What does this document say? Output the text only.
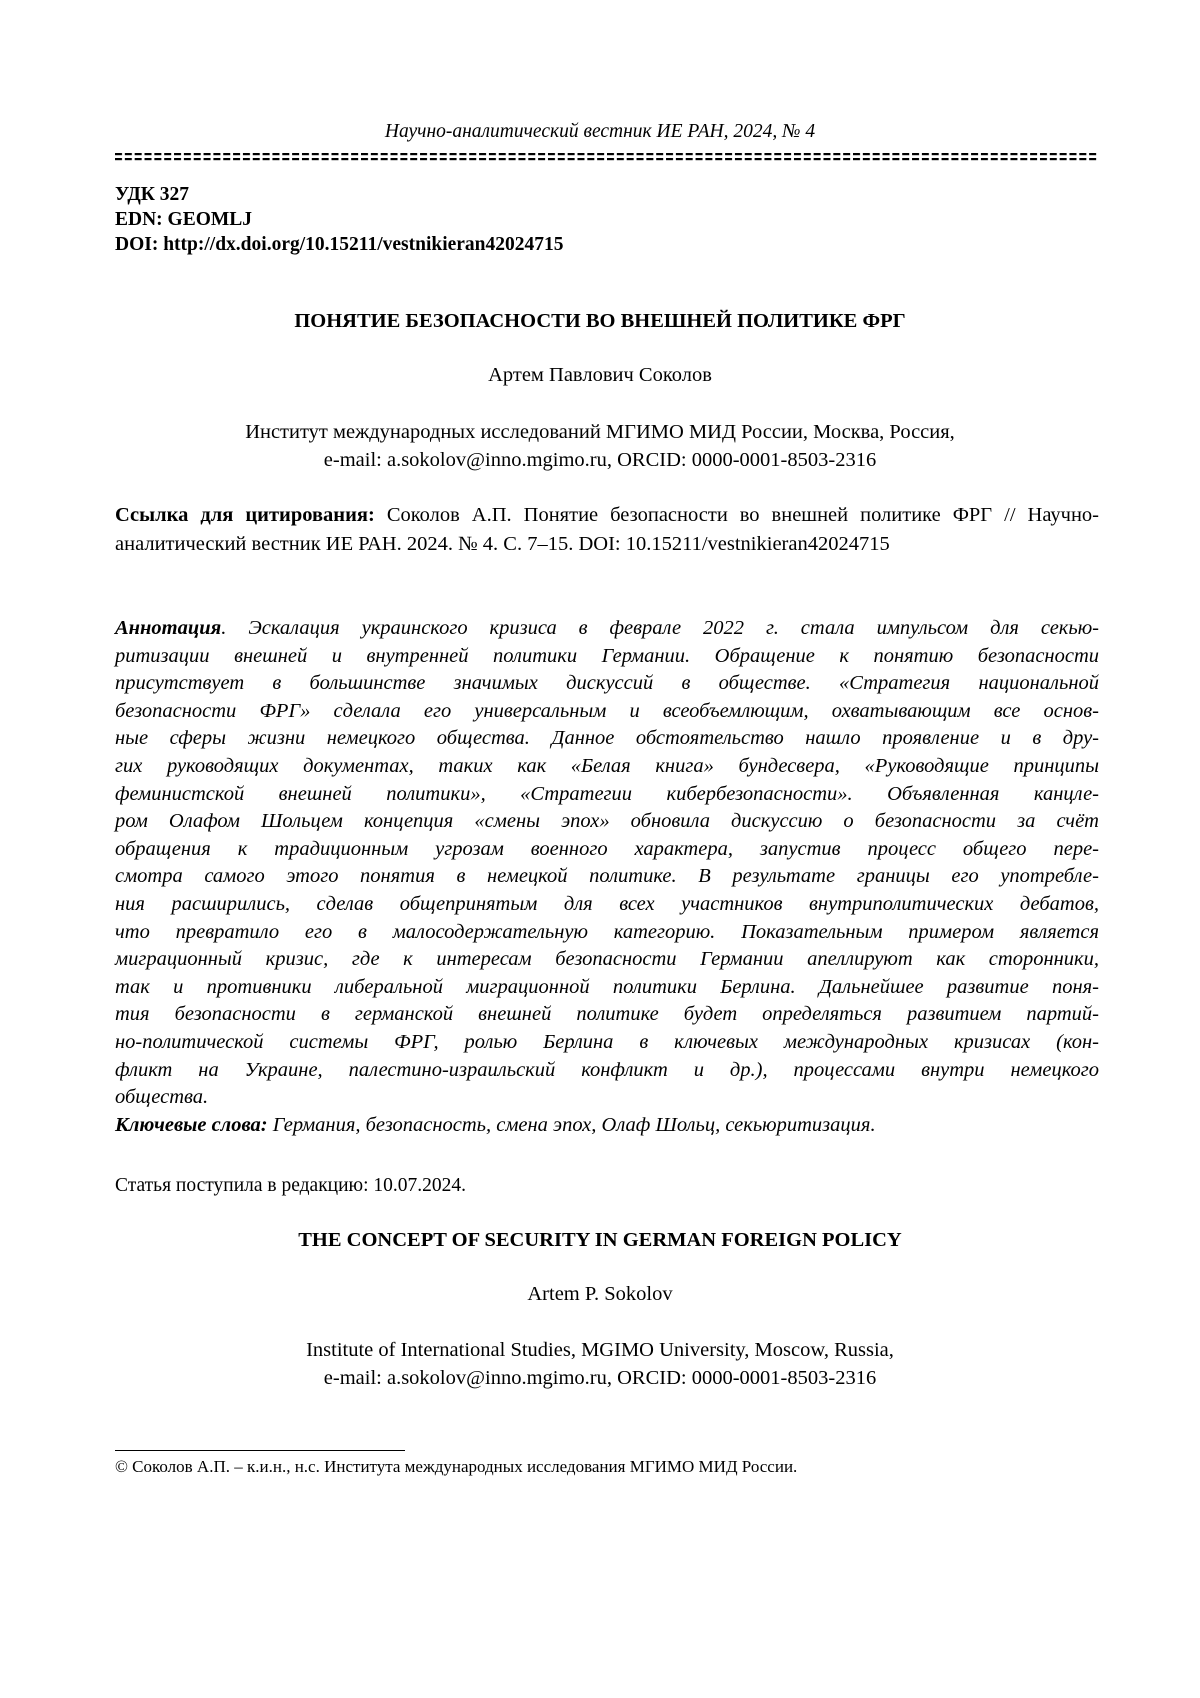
Научно-аналитический вестник ИЕ РАН, 2024, № 4
УДК 327
EDN: GEOMLJ
DOI: http://dx.doi.org/10.15211/vestnikieran42024715
ПОНЯТИЕ БЕЗОПАСНОСТИ ВО ВНЕШНЕЙ ПОЛИТИКЕ ФРГ
Артем Павлович Соколов
Институт международных исследований МГИМО МИД России, Москва, Россия,
e-mail: a.sokolov@inno.mgimo.ru, ORCID: 0000-0001-8503-2316
Ссылка для цитирования: Соколов А.П. Понятие безопасности во внешней политике ФРГ // Научно-аналитический вестник ИЕ РАН. 2024. № 4. С. 7–15. DOI: 10.15211/vestnikieran42024715
Аннотация. Эскалация украинского кризиса в феврале 2022 г. стала импульсом для секью-
ритизации внешней и внутренней политики Германии. Обращение к понятию безопасности
присутствует в большинстве значимых дискуссий в обществе. «Стратегия национальной
безопасности ФРГ» сделала его универсальным и всеобъемлющим, охватывающим все основ-
ные сферы жизни немецкого общества. Данное обстоятельство нашло проявление и в дру-
гих руководящих документах, таких как «Белая книга» бундесвера, «Руководящие принципы
феминистской внешней политики», «Стратегии кибербезопасности». Объявленная канцле-
ром Олафом Шольцем концепция «смены эпох» обновила дискуссию о безопасности за счёт
обращения к традиционным угрозам военного характера, запустив процесс общего пере-
смотра самого этого понятия в немецкой политике. В результате границы его употребле-
ния расширились, сделав общепринятым для всех участников внутриполитических дебатов,
что превратило его в малосодержательную категорию. Показательным примером является
миграционный кризис, где к интересам безопасности Германии апеллируют как сторонники,
так и противники либеральной миграционной политики Берлина. Дальнейшее развитие поня-
тия безопасности в германской внешней политике будет определяться развитием партий-
но-политической системы ФРГ, ролью Берлина в ключевых международных кризисах (кон-
фликт на Украине, палестино-израильский конфликт и др.), процессами внутри немецкого
общества.
Ключевые слова: Германия, безопасность, смена эпох, Олаф Шольц, секьюритизация.
Статья поступила в редакцию: 10.07.2024.
THE CONCEPT OF SECURITY IN GERMAN FOREIGN POLICY
Artem P. Sokolov
Institute of International Studies, MGIMO University, Moscow, Russia,
e-mail: a.sokolov@inno.mgimo.ru, ORCID: 0000-0001-8503-2316
© Соколов А.П. – к.и.н., н.с. Института международных исследования МГИМО МИД России.
